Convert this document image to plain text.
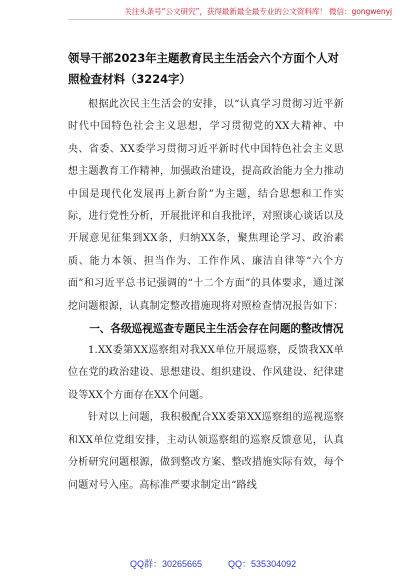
关注头条号“公文研究”，获得最新最全最专业的公文资料库！ 微信：gongwenyj
领导干部2023年主题教育民主生活会六个方面个人对照检查材料（3224字）

根据此次民主生活会的安排，以“认真学习贯彻习近平新时代中国特色社会主义思想，学习贯彻党的XX大精神、中央、省委、XX委学习贯彻习近平新时代中国特色社会主义思想主题教育工作精神，加强政治建设，提高政治能力全力推动中国是现代化发展再上新台阶”为主题，结合思想和工作实际，进行党性分析，开展批评和自我批评，对照谈心谈话以及开展意见征集到XX条，归纳XX条，聚焦理论学习、政治素质、能力本领、担当作为、工作作风、廉洁自律等“六个方面”和习近平总书记强调的“十二个方面”的具体要求，通过深挖问题根源，认真制定整改措施现将对照检查情况报告如下：

一、各级巡视巡查专题民主生活会存在问题的整改情况

1.XX委第XX巡察组对我XX单位开展巡察，反馈我XX单位在党的政治建设、思想建设、组织建设、作风建设、纪律建设等XX个方面存在XX个问题。

针对以上问题，我积极配合XX委第XX巡察组的巡视巡察和XX单位党组安排，主动认领巡察组的巡察反馈意见，认真分析研究问题根源，做到整改方案、整改措施实际有效，每个问题对号入座。高标准严要求制定出“路线

QQ群：30265665	QQ：535304092
